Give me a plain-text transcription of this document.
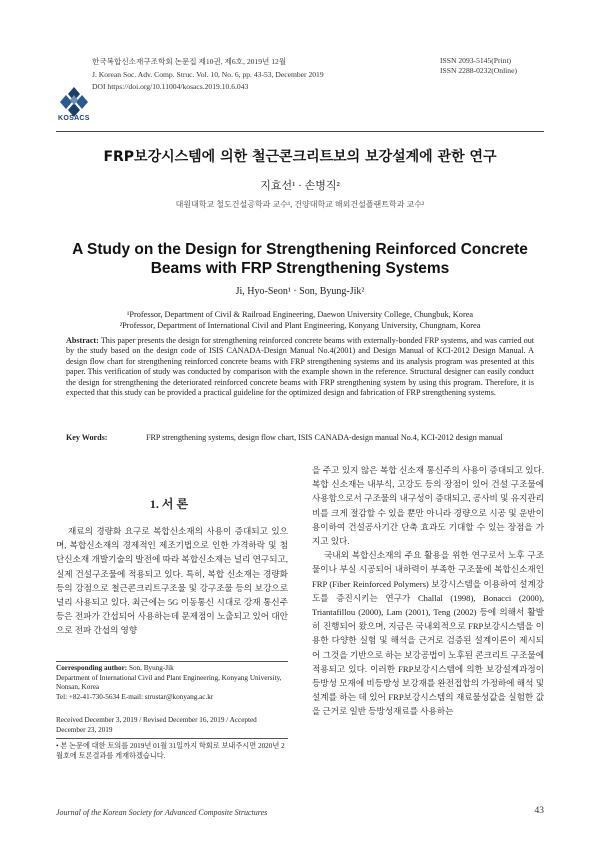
KOSACS
한국복합신소재구조학회 논문집 제10권, 제6호, 2019년 12월
J. Korean Soc. Adv. Comp. Struc. Vol. 10, No. 6, pp. 43-53, December 2019
DOI https://doi.org/10.11004/kosacs.2019.10.6.043
ISSN 2093-5145(Print)
ISSN 2288-0232(Online)
FRP보강시스템에 의한 철근콘크리트보의 보강설계에 관한 연구
지효선¹ · 손병직²
대원대학교 철도건설공학과 교수¹, 건양대학교 해외건설플랜트학과 교수²
A Study on the Design for Strengthening Reinforced Concrete Beams with FRP Strengthening Systems
Ji, Hyo-Seon¹ · Son, Byung-Jik²
¹Professor, Department of Civil & Railroad Engineering, Daewon University College, Chungbuk, Korea
²Professor, Department of International Civil and Plant Engineering, Konyang University, Chungnam, Korea
Abstract: This paper presents the design for strengthening reinforced concrete beams with externally-bonded FRP systems, and was carried out by the study based on the design code of ISIS CANADA-Design Manual No.4(2001) and Design Manual of KCI-2012 Design Manual. A design flow chart for strengthening reinforced concrete beams with FRP strengthening systems and its analysis program was presented at this paper. This verification of study was conducted by comparison with the example shown in the reference. Structural designer can easily conduct the design for strengthening the deteriorated reinforced concrete beams with FRP strengthening system by using this program. Therefore, it is expected that this study can be provided a practical guideline for the optimized design and fabrication of FRP strengthening systems.
Key Words:	FRP strengthening systems, design flow chart, ISIS CANADA-design manual No.4, KCI-2012 design manual
1. 서 론

재료의 경량화 요구로 복합신소재의 사용이 증대되고 있으며, 복합신소재의 경제적인 제조기법으로 인한 가격하락 및 첨단신소재 개발기술의 발전에 따라 복합신소재는 널리 연구되고, 실제 건설구조물에 적용되고 있다. 특히, 복합 신소재는 경량화 등의 강점으로 철근콘크리트구조물 및 강구조물 등의 보강으로 널리 사용되고 있다. 최근에는 5G 이동통신 시대로 강재 통신주 등은 전파가 간섭되어 사용하는데 문제점이 노출되고 있어 대안으로 전파 간섭의 영향

을 주고 있지 않은 복합 신소재 통신주의 사용이 증대되고 있다. 복합 신소재는 내부식, 고강도 등의 장점이 있어 건설 구조물에 사용함으로서 구조물의 내구성이 증대되고, 공사비 및 유지관리비를 크게 절감할 수 있을 뿐만 아니라 경량으로 시공 및 운반이 용이하여 건설공사기간 단축 효과도 기대할 수 있는 장점을 가지고 있다.

국내외 복합신소재의 주요 활용을 위한 연구로서 노후 구조물이나 부실 시공되어 내하력이 부족한 구조물에 복합신소재인 FRP (Fiber Reinforced Polymers) 보강시스템을 이용하여 설계강도를 증진시키는 연구가 Challal (1998), Bonacci (2000), Triantafillou (2000), Lam (2001), Teng (2002) 등에 의해서 활발히 진행되어 왔으며, 지금은 국내외적으로 FRP보강시스템을 이용한 다양한 실험 및 해석을 근거로 검증된 설계이론이 제시되어 그것을 기반으로 하는 보강공법이 노후된 콘크리트 구조물에 적용되고 있다. 이러한 FRP보강시스템에 의한 보강설계과정이 등방성 모재에 비등방성 보강재를 완전접합의 가정하에 해석 및 설계를 하는 데 있어 FRP보강시스템의 재료물성값을 실험한 값을 근거로 일반 등방성재료를 사용하는

Corresponding author: Son, Byung-Jik
Department of International Civil and Plant Engineering, Konyang University, Nonsan, Korea
Tel: +82-41-730-5634 E-mail: strustar@konyang.ac.kr
Received December 3, 2019 / Revised December 16, 2019 / Accepted December 23, 2019
• 본 논문에 대한 토의를 2019년 01월 31일까지 학회로 보내주시면 2020년 2월호에 토론결과를 게재하겠습니다.
Journal of the Korean Society for Advanced Composite Structures	43
